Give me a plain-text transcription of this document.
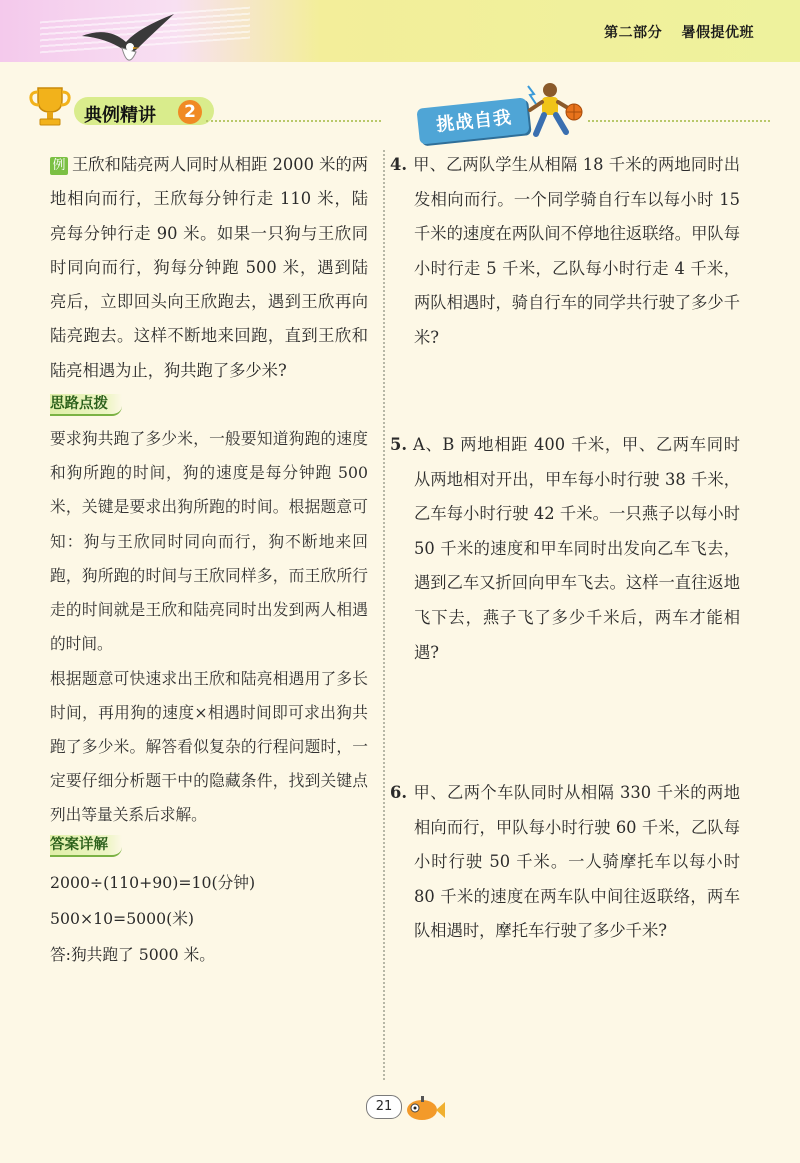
第二部分 暑假提优班
典例精讲	2	挑战自我

例 王欣和陆亮两人同时从相距 2000 米的两地相向而行，王欣每分钟行走 110 米，陆亮每分钟行走 90 米。如果一只狗与王欣同时同向而行，狗每分钟跑 500 米，遇到陆亮后，立即回头向王欣跑去，遇到王欣再向陆亮跑去。这样不断地来回跑，直到王欣和陆亮相遇为止，狗共跑了多少米?

思路点拨

要求狗共跑了多少米，一般要知道狗跑的速度和狗所跑的时间，狗的速度是每分钟跑 500 米，关键是要求出狗所跑的时间。根据题意可知：狗与王欣同时同向而行，狗不断地来回跑，狗所跑的时间与王欣同样多，而王欣所行走的时间就是王欣和陆亮同时出发到两人相遇的时间。

根据题意可快速求出王欣和陆亮相遇用了多长时间，再用狗的速度×相遇时间即可求出狗共跑了多少米。解答看似复杂的行程问题时，一定要仔细分析题干中的隐藏条件，找到关键点列出等量关系后求解。

答案详解

2000÷(110+90)=10(分钟)

500×10=5000(米)

答:狗共跑了 5000 米。

4. 甲、乙两队学生从相隔 18 千米的两地同时出发相向而行。一个同学骑自行车以每小时 15 千米的速度在两队间不停地往返联络。甲队每小时行走 5 千米，乙队每小时行走 4 千米，两队相遇时，骑自行车的同学共行驶了多少千米?
5. A、B 两地相距 400 千米，甲、乙两车同时从两地相对开出，甲车每小时行驶 38 千米，乙车每小时行驶 42 千米。一只燕子以每小时 50 千米的速度和甲车同时出发向乙车飞去，遇到乙车又折回向甲车飞去。这样一直往返地飞下去，燕子飞了多少千米后，两车才能相遇?
6. 甲、乙两个车队同时从相隔 330 千米的两地相向而行，甲队每小时行驶 60 千米，乙队每小时行驶 50 千米。一人骑摩托车以每小时 80 千米的速度在两车队中间往返联络，两车队相遇时，摩托车行驶了多少千米?
21
